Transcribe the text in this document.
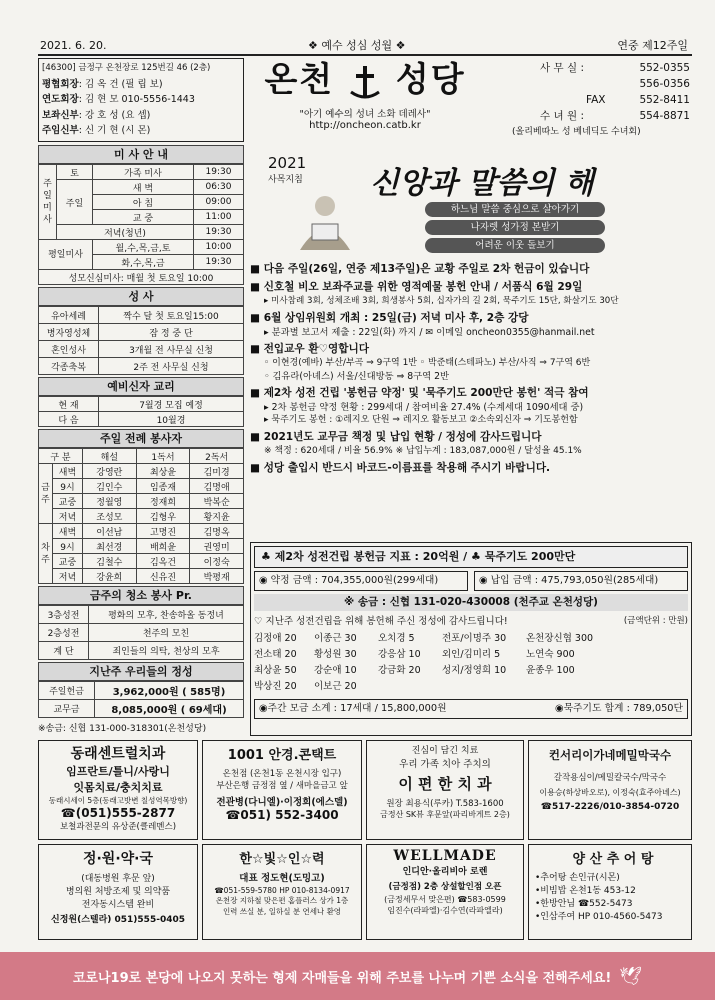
2021. 6. 20.	❖ 예수 성심 성월 ❖	연중 제12주일
[46300] 금정구 온천장로 125번길 46 (2층)
평협회장 : 김 옥 건 (필 립 보)
연도회장 : 김 현 모 010-5556-1443
보좌신부 : 강 호 성 (요 셉)
주임신부 : 신 기 현 (시 몬)
온천 성당
"아기 예수의 성녀 소화 데레사"
http://oncheon.catb.kr
사 무 실 :	552-0355
556-0356
FAX	552-8411
수 녀 원 :	554-8871
(올리베따노 성 베네딕도 수녀회)
미 사 안 내
주일미사	토	가족 미사	19:30
	주일	새 벽	06:30
		아 침	09:00
		교 중	11:00
	저녁(청년)		19:30
평일미사		월,수,목,금,토	10:00
		화,수,목,금	19:30
성모신심미사: 매월 첫 토요일 10:00			
성 사
유아세례	짝수 달 첫 토요일15:00
병자영성체	잠 정 중 단
혼인성사	3개월 전 사무실 신청
각종축복	2주 전 사무실 신청
예비신자 교리
현 재	7월경 모집 예정
다 음	10월경
주일 전례 봉사자
구 분		해설	1독서	2독서
금주	새벽	강영란	최상윤	김미경
	9시	김인수	임종재	김명애
	교중	정월영	정재희	박복순
	저녁	조성모	김형우	황지윤
차주	새벽	이선남	고명진	김명옥
	9시	최선경	배희윤	권영미
	교중	김철수	김옥건	이정숙
	저녁	강윤희	신유진	박평재
금주의 청소 봉사 Pr.
3층성전	평화의 모후, 찬송하올 동정녀
2층성전	천주의 모친
계 단	죄인들의 의탁, 천상의 모후
지난주 우리들의 정성
주일헌금	3,962,000원 ( 585명)
교무금	8,085,000원 ( 69세대)
※송금: 신협 131-000-318301(온천성당)
2021
사목지침 신앙과 말씀의 해
하느님 말씀 중심으로 살아가기
나자렛 성가정 본받기
어려운 이웃 돌보기
■ 다음 주일(26일, 연중 제13주일)은 교황 주일로 2차 헌금이 있습니다
■ 신호철 비오 보좌주교를 위한 영적예물 봉헌 안내 / 서품식 6월 29일
▸ 미사참례 3회, 성체조배 3회, 희생봉사 5회, 십자가의 길 2회, 묵주기도 15단, 화살기도 30단
■ 6월 상임위원회 개최 : 25일(금) 저녁 미사 후, 2층 강당
▸ 분과별 보고서 제출 : 22일(화) 까지 / ✉ 이메일 oncheon0355@hanmail.net
■ 전입교우 환♡영합니다
◦ 이현경(예바) 부산/부곡 ⇒ 9구역 1반 ◦ 박준태(스테파노) 부산/사직 ⇒ 7구역 6반
◦ 김유라(아녜스) 서울/신대방동 ⇒ 8구역 2반
■ 제2차 성전 건립 '봉헌금 약정' 및 '묵주기도 200만단 봉헌' 적극 참여
▸ 2차 봉헌금 약정 현황 : 299세대 / 참여비율 27.4% (수계세대 1090세대 중)
▸ 묵주기도 봉헌 : ①레지오 단원 ⇒ 레지오 활동보고 ②소속외신자 ⇒ 기도봉헌함
■ 2021년도 교무금 책정 및 납입 현황 / 정성에 감사드립니다
※ 책정 : 620세대 / 비율 56.9% ※ 납입누계 : 183,087,000원 / 달성율 45.1%
■ 성당 출입시 반드시 바코드-이름표를 착용해 주시기 바랍니다.
♣ 제2차 성전건립 봉헌금 지표 : 20억원 / ♣ 묵주기도 200만단
◉ 약정 금액 : 704,355,000원(299세대)	◉ 납입 금액 : 475,793,050원(285세대)
※ 송금 : 신협 131-020-430008 (천주교 온천성당)
♡ 지난주 성전건립을 위해 봉헌해 주신 정성에 감사드립니다!	(금액단위 : 만원)
김정애 20	이종근 30	오치경 5	전포/이명주 30	온천장신협 300
전소태 20	황성원 30	강응삼 10	외인/김미리 5	노연숙 900
최상윤 50	강순애 10	강금화 20	성지/정영희 10	윤종우 100
박상진 20	이보근 20
◉주간 모금 소계 : 17세대 / 15,800,000원	◉묵주기도 합계 : 789,050단
동래센트럴치과
임프란트/틀니/사랑니
잇몸치료/충치치료
동래시세이 5층(동래고밧변 칠성역목방향)
☎(051)555-2877
보철과전문의 유상준(클레멘스)
1001 안경.콘택트
온천점 (온천1동 온천시장 입구)
부산은행 금정점 옆 / 새마을금고 앞
전관병(다니엘)·이정희(에스델)
☎051) 552-3400
진심이 담긴 치료
우리 가족 치아 주치의
이 편 한 치 과
원장 최용식(루카) T.583-1600
금정산 SK뷰 후문앞(파리바게트 2층)
컨서리이가네메밀막국수
갈작용심이/메밀칼국수/막국수
이용승(하상바오로), 이정숙(효주아녜스)
☎517-2226/010-3854-0720
정·원·약·국
(대동병원 후문 앞)
병의원 처방조제 및 의약품
전자동시스템 완비
신정원(스텔라) 051)555-0405
한☆빛☆인☆력
대표 정도현(도밍고)
☎051-559-5780 HP 010-8134-0917
온천장 지하철 맞은편 홈플러스 상가 1층
인력 쓰실 분, 일하실 분 연세나 환영
WELLMADE
인디안·올리비아 로렌
(금정점) 2층 상설할인점 오픈
(금정세무서 맞은편) ☎583-0599
임진수(라파엘)·김수연(라파엘라)
양 산 추 어 탕
•추어탕 손인규(시몬)
•비빔밥 온천1동 453-12
•한방안님 ☎552-5473
•인삼주여 HP 010-4560-5473
코로나19로 본당에 나오지 못하는 형제 자매들을 위해 주보를 나누며 기쁜 소식을 전해주세요! 🕊
